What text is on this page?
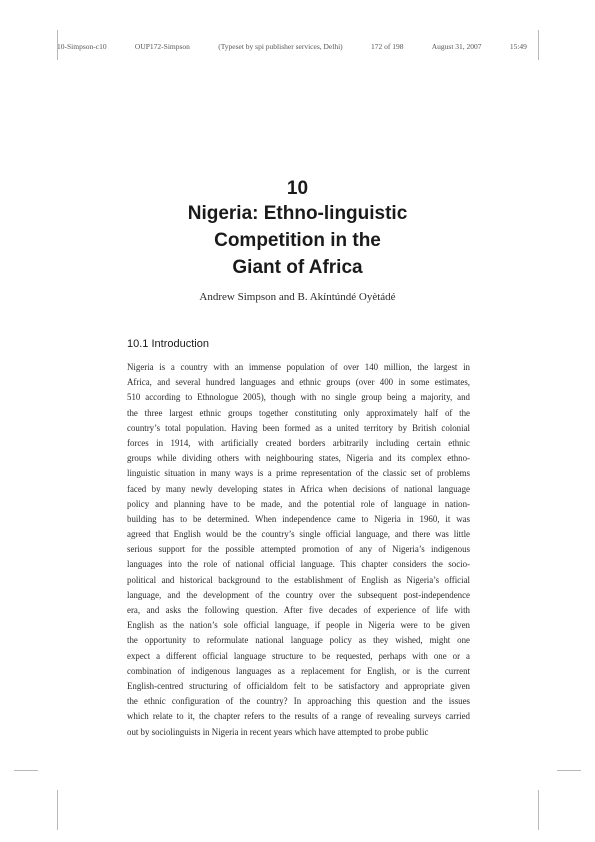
10-Simpson-c10	OUP172-Simpson	(Typeset by spi publisher services, Delhi)	172 of 198	August 31, 2007	15:49
10
Nigeria: Ethno-linguistic
Competition in the
Giant of Africa
Andrew Simpson and B. Akíntúndé Oyètádé
10.1 Introduction
Nigeria is a country with an immense population of over 140 million, the largest in
Africa, and several hundred languages and ethnic groups (over 400 in some estimates,
510 according to Ethnologue 2005), though with no single group being a majority, and
the three largest ethnic groups together constituting only approximately half of the
country’s total population. Having been formed as a united territory by British colonial
forces in 1914, with artificially created borders arbitrarily including certain ethnic
groups while dividing others with neighbouring states, Nigeria and its complex ethno-
linguistic situation in many ways is a prime representation of the classic set of problems
faced by many newly developing states in Africa when decisions of national language
policy and planning have to be made, and the potential role of language in nation-
building has to be determined. When independence came to Nigeria in 1960, it was
agreed that English would be the country’s single official language, and there was little
serious support for the possible attempted promotion of any of Nigeria’s indigenous
languages into the role of national official language. This chapter considers the socio-
political and historical background to the establishment of English as Nigeria’s official
language, and the development of the country over the subsequent post-independence
era, and asks the following question. After five decades of experience of life with
English as the nation’s sole official language, if people in Nigeria were to be given
the opportunity to reformulate national language policy as they wished, might one
expect a different official language structure to be requested, perhaps with one or a
combination of indigenous languages as a replacement for English, or is the current
English-centred structuring of officialdom felt to be satisfactory and appropriate given
the ethnic configuration of the country? In approaching this question and the issues
which relate to it, the chapter refers to the results of a range of revealing surveys carried
out by sociolinguists in Nigeria in recent years which have attempted to probe public
